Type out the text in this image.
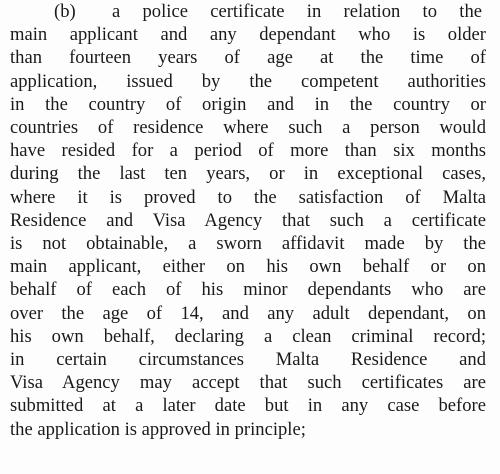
(b) a police certificate in relation to the
main applicant and any dependant who is older
than fourteen years of age at the time of
application, issued by the competent authorities
in the country of origin and in the country or
countries of residence where such a person would
have resided for a period of more than six months
during the last ten years, or in exceptional cases,
where it is proved to the satisfaction of Malta
Residence and Visa Agency that such a certificate
is not obtainable, a sworn affidavit made by the
main applicant, either on his own behalf or on
behalf of each of his minor dependants who are
over the age of 14, and any adult dependant, on
his own behalf, declaring a clean criminal record;
in certain circumstances Malta Residence and
Visa Agency may accept that such certificates are
submitted at a later date but in any case before
the application is approved in principle;
